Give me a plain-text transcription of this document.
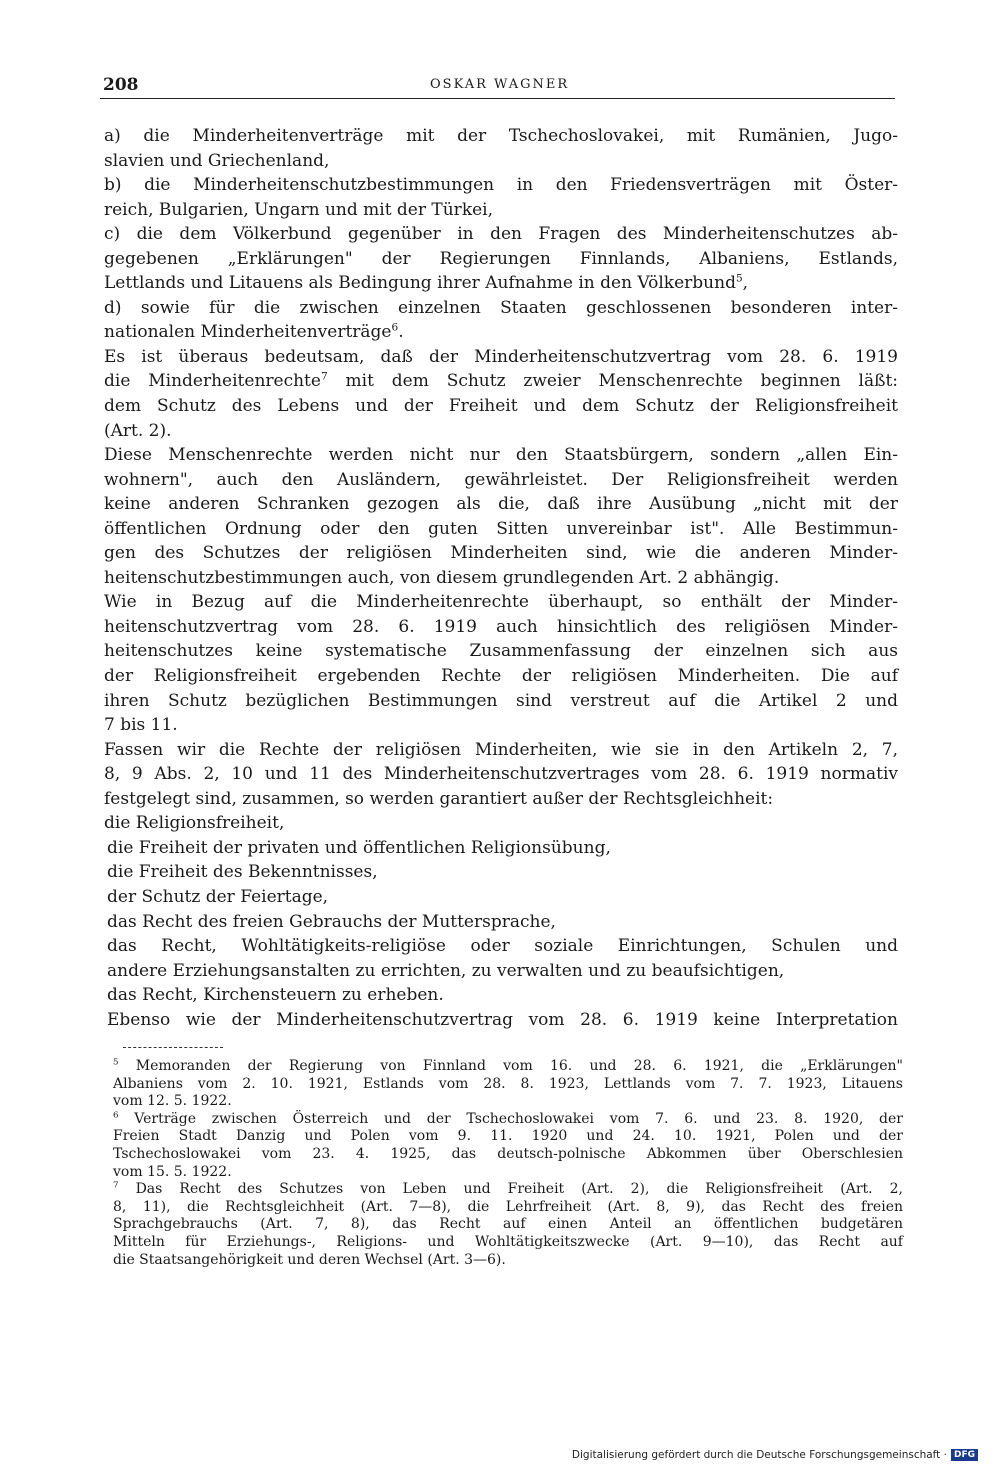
208	OSKAR WAGNER
a) die Minderheitenverträge mit der Tschechoslovakei, mit Rumänien, Jugo-
slavien und Griechenland,
b) die Minderheitenschutzbestimmungen in den Friedensverträgen mit Öster-
reich, Bulgarien, Ungarn und mit der Türkei,
c) die dem Völkerbund gegenüber in den Fragen des Minderheitenschutzes ab-
gegebenen „Erklärungen" der Regierungen Finnlands, Albaniens, Estlands,
Lettlands und Litauens als Bedingung ihrer Aufnahme in den Völkerbund$^5$,
d) sowie für die zwischen einzelnen Staaten geschlossenen besonderen inter-
nationalen Minderheitenverträge$^6$.
Es ist überaus bedeutsam, daß der Minderheitenschutzvertrag vom 28. 6. 1919
die Minderheitenrechte$^7$ mit dem Schutz zweier Menschenrechte beginnen läßt:
dem Schutz des Lebens und der Freiheit und dem Schutz der Religionsfreiheit
(Art. 2).
Diese Menschenrechte werden nicht nur den Staatsbürgern, sondern „allen Ein-
wohnern", auch den Ausländern, gewährleistet. Der Religionsfreiheit werden
keine anderen Schranken gezogen als die, daß ihre Ausübung „nicht mit der
öffentlichen Ordnung oder den guten Sitten unvereinbar ist". Alle Bestimmun-
gen des Schutzes der religiösen Minderheiten sind, wie die anderen Minder-
heitenschutzbestimmungen auch, von diesem grundlegenden Art. 2 abhängig.
Wie in Bezug auf die Minderheitenrechte überhaupt, so enthält der Minder-
heitenschutzvertrag vom 28. 6. 1919 auch hinsichtlich des religiösen Minder-
heitenschutzes keine systematische Zusammenfassung der einzelnen sich aus
der Religionsfreiheit ergebenden Rechte der religiösen Minderheiten. Die auf
ihren Schutz bezüglichen Bestimmungen sind verstreut auf die Artikel 2 und
7 bis 11.
Fassen wir die Rechte der religiösen Minderheiten, wie sie in den Artikeln 2, 7,
8, 9 Abs. 2, 10 und 11 des Minderheitenschutzvertrages vom 28. 6. 1919 normativ
festgelegt sind, zusammen, so werden garantiert außer der Rechtsgleichheit:
die Religionsfreiheit,
die Freiheit der privaten und öffentlichen Religionsübung,
die Freiheit des Bekenntnisses,
der Schutz der Feiertage,
das Recht des freien Gebrauchs der Muttersprache,
das Recht, Wohltätigkeits-religiöse oder soziale Einrichtungen, Schulen und
andere Erziehungsanstalten zu errichten, zu verwalten und zu beaufsichtigen,
das Recht, Kirchensteuern zu erheben.
Ebenso wie der Minderheitenschutzvertrag vom 28. 6. 1919 keine Interpretation
$^5$ Memoranden der Regierung von Finnland vom 16. und 28. 6. 1921, die „Erklärungen"
Albaniens vom 2. 10. 1921, Estlands vom 28. 8. 1923, Lettlands vom 7. 7. 1923, Litauens
vom 12. 5. 1922.
$^6$ Verträge zwischen Österreich und der Tschechoslowakei vom 7. 6. und 23. 8. 1920, der
Freien Stadt Danzig und Polen vom 9. 11. 1920 und 24. 10. 1921, Polen und der
Tschechoslowakei vom 23. 4. 1925, das deutsch-polnische Abkommen über Oberschlesien
vom 15. 5. 1922.
$^7$ Das Recht des Schutzes von Leben und Freiheit (Art. 2), die Religionsfreiheit (Art. 2,
8, 11), die Rechtsgleichheit (Art. 7—8), die Lehrfreiheit (Art. 8, 9), das Recht des freien
Sprachgebrauchs (Art. 7, 8), das Recht auf einen Anteil an öffentlichen budgetären
Mitteln für Erziehungs-, Religions- und Wohltätigkeitszwecke (Art. 9—10), das Recht auf
die Staatsangehörigkeit und deren Wechsel (Art. 3—6).
Digitalisierung gefördert durch die Deutsche Forschungsgemeinschaft · DFG
